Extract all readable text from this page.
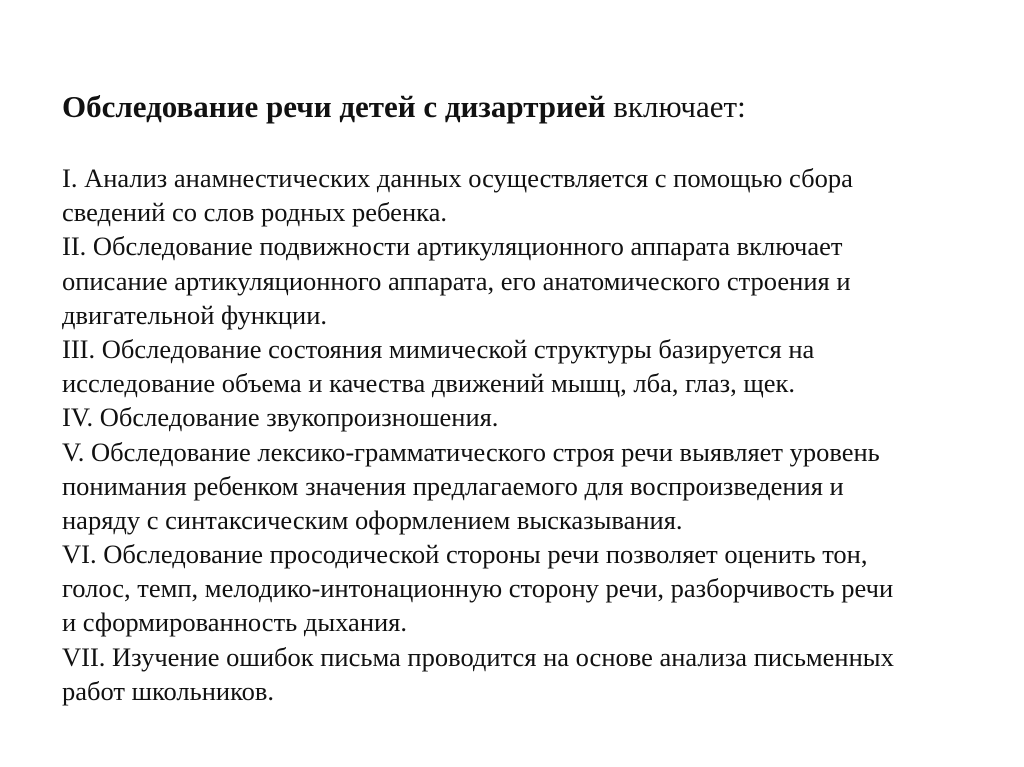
Обследование речи детей с дизартрией включает:
I. Анализ анамнестических данных осуществляется с помощью сбора
сведений со слов родных ребенка.
II. Обследование подвижности артикуляционного аппарата включает
описание артикуляционного аппарата, его анатомического строения и
двигательной функции.
III. Обследование состояния мимической структуры базируется на
исследование объема и качества движений мышц, лба, глаз, щек.
IV. Обследование звукопроизношения.
V. Обследование лексико-грамматического строя речи выявляет уровень
понимания ребенком значения предлагаемого для воспроизведения и
наряду с синтаксическим оформлением высказывания.
VI. Обследование просодической стороны речи позволяет оценить тон,
голос, темп, мелодико-интонационную сторону речи, разборчивость речи
и сформированность дыхания.
VII. Изучение ошибок письма проводится на основе анализа письменных
работ школьников.
